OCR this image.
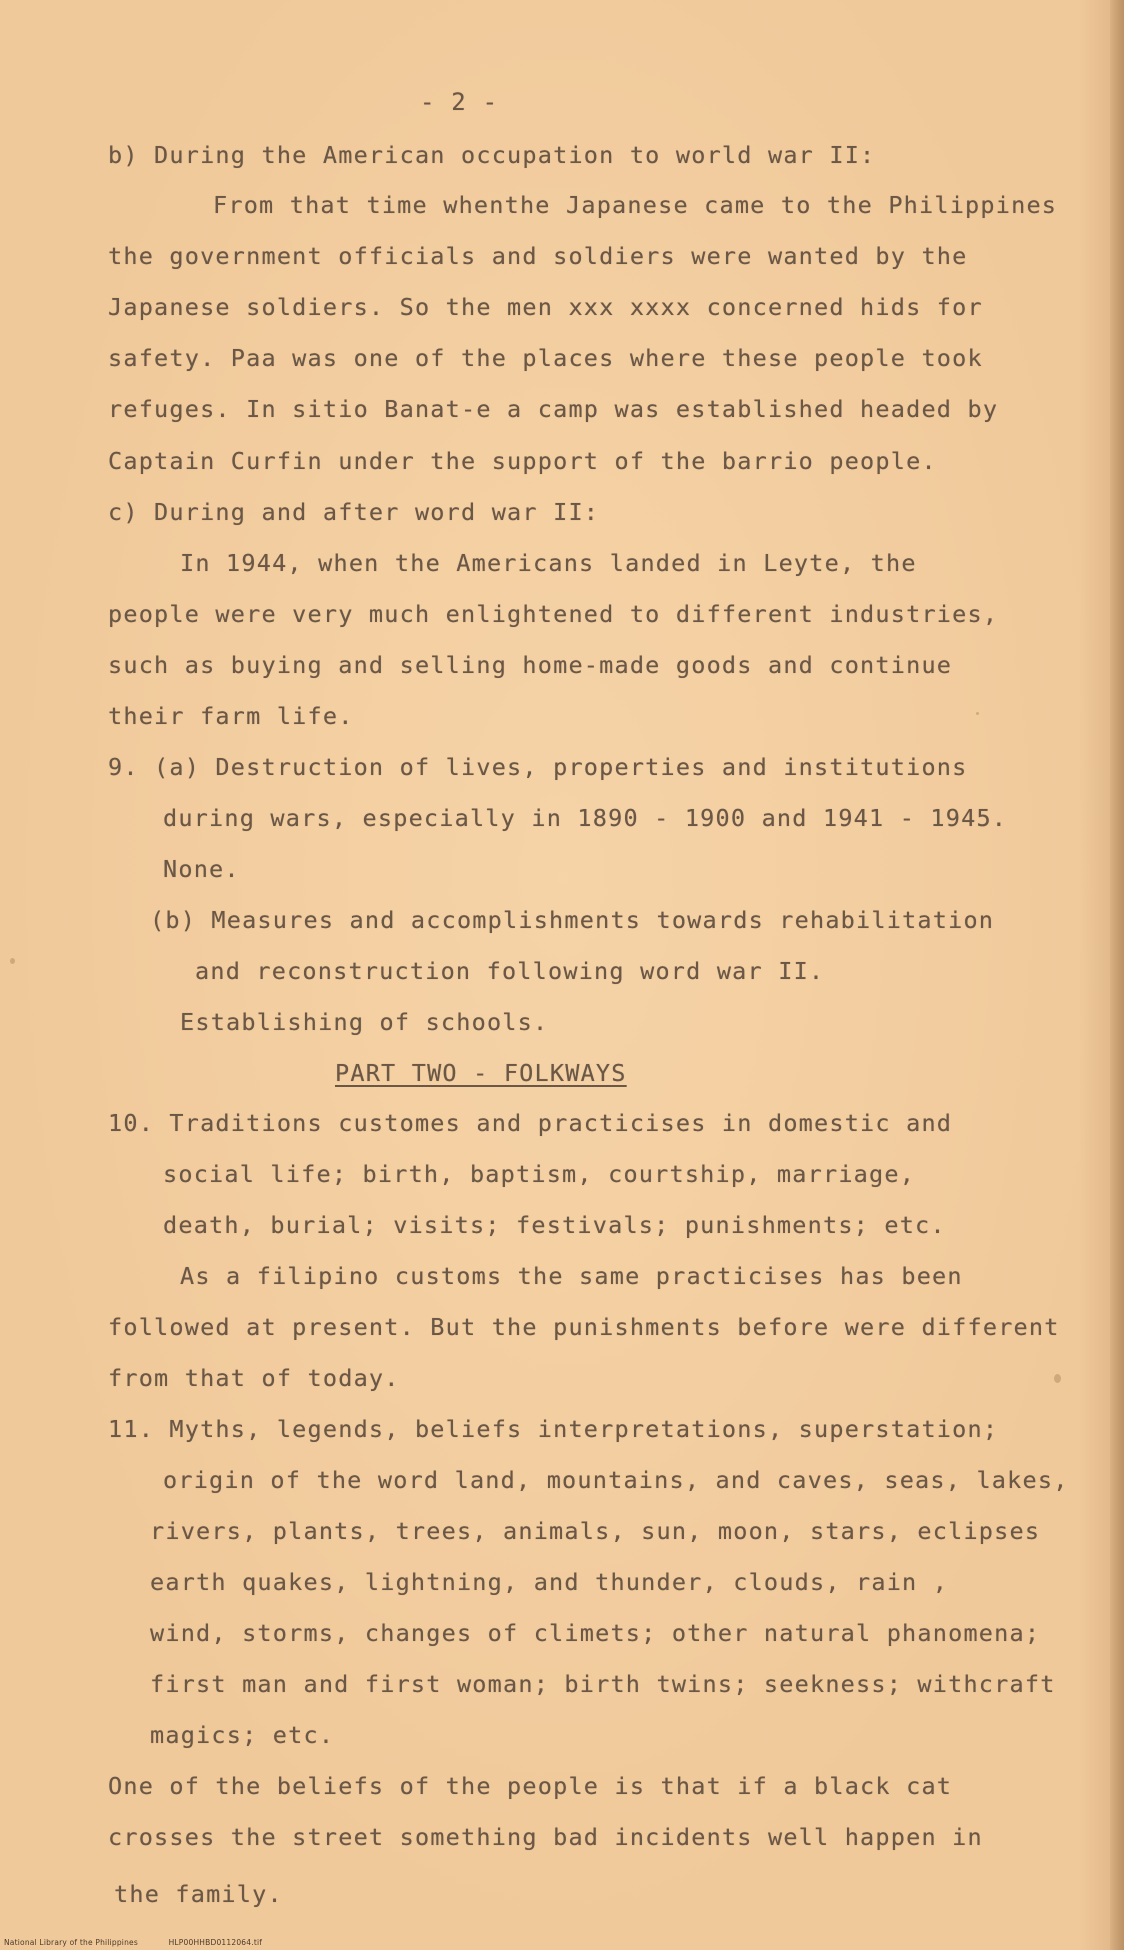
- 2 -
b) During the American occupation to world war II:
From that time whenthe Japanese came to the Philippines
the government officials and soldiers were wanted by the
Japanese soldiers. So the men xxx xxxx concerned hids for
safety. Paa was one of the places where these people took
refuges. In sitio Banat-e a camp was established headed by
Captain Curfin under the support of the barrio people.
c) During and after word war II:
In 1944, when the Americans landed in Leyte, the
people were very much enlightened to different industries,
such as buying and selling home-made goods and continue
their farm life.
9. (a) Destruction of lives, properties and institutions
during wars, especially in 1890 - 1900 and 1941 - 1945.
None.
(b) Measures and accomplishments towards rehabilitation
and reconstruction following word war II.
Establishing of schools.
PART TWO - FOLKWAYS
10. Traditions customes and practicises in domestic and
social life; birth, baptism, courtship, marriage,
death, burial; visits; festivals; punishments; etc.
As a filipino customs the same practicises has been
followed at present. But the punishments before were different
from that of today.
11. Myths, legends, beliefs interpretations, superstation;
origin of the word land, mountains, and caves, seas, lakes,
rivers, plants, trees, animals, sun, moon, stars, eclipses
earth quakes, lightning, and thunder, clouds, rain ,
wind, storms, changes of climets; other natural phanomena;
first man and first woman; birth twins; seekness; withcraft
magics; etc.
One of the beliefs of the people is that if a black cat
crosses the street something bad incidents well happen in
the family.
National Library of the Philippines	HLP00HHBD0112064.tif
